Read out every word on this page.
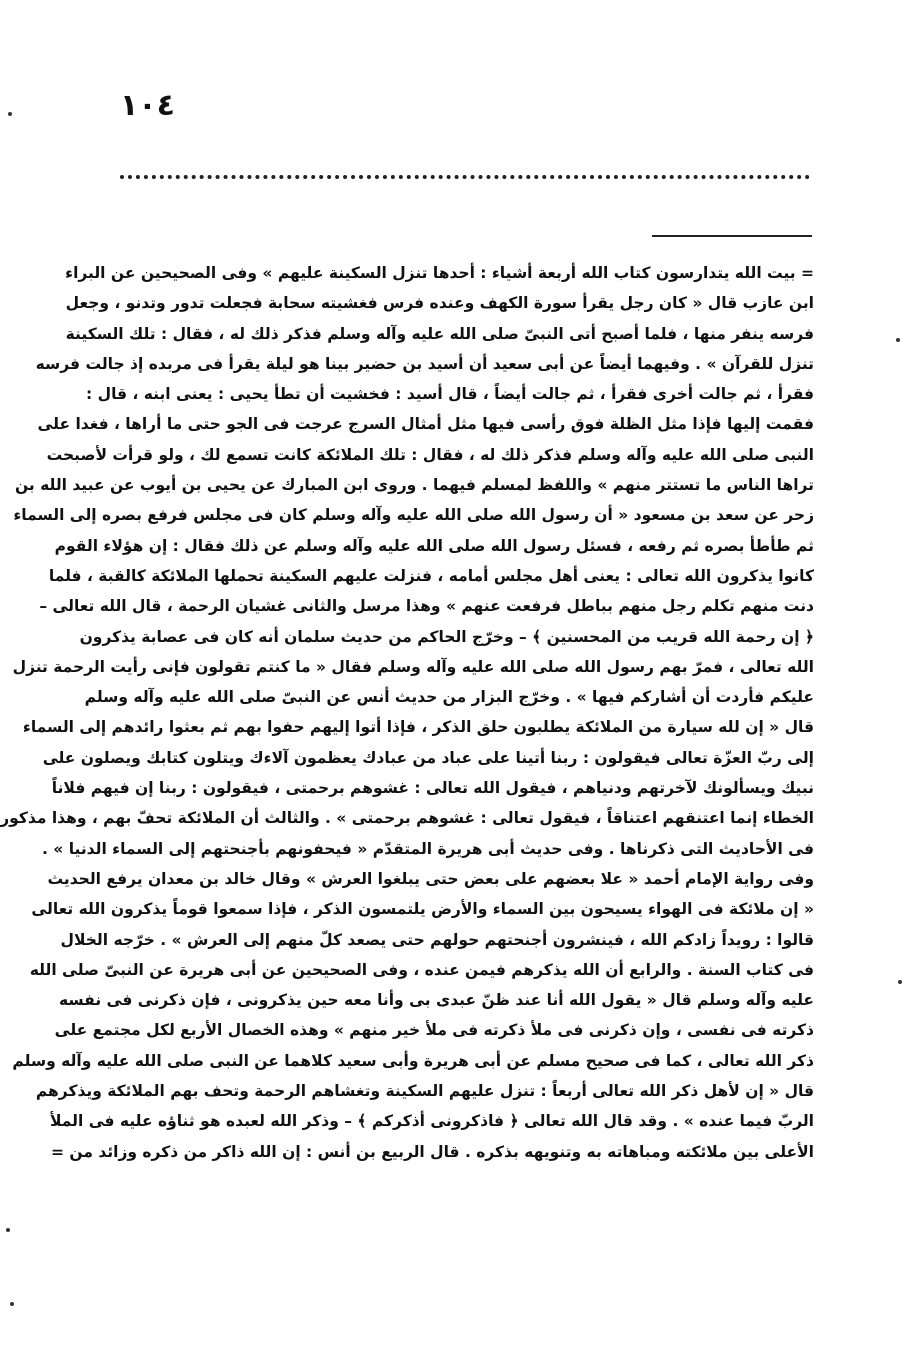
١٠٤
= بيت الله يتدارسون كتاب الله أربعة أشياء : أحدها تنزل السكينة عليهم » وفى الصحيحين عن البراء
ابن عازب قال « كان رجل يقرأ سورة الكهف وعنده فرس فغشيته سحابة فجعلت تدور وتدنو ، وجعل
فرسه ينفر منها ، فلما أصبح أتى النبىّ صلى الله عليه وآله وسلم فذكر ذلك له ، فقال : تلك السكينة
تنزل للقرآن » . وفيهما أيضاً عن أبى سعيد أن أسيد بن حضير بينا هو ليلة يقرأ فى مربده إذ جالت فرسه
فقرأ ، ثم جالت أخرى فقرأ ، ثم جالت أيضاً ، قال أسيد : فخشيت أن تطأ يحيى : يعنى ابنه ، قال :
فقمت إليها فإذا مثل الظلة فوق رأسى فيها مثل أمثال السرج عرجت فى الجو حتى ما أراها ، فغدا على
النبى صلى الله عليه وآله وسلم فذكر ذلك له ، فقال : تلك الملائكة كانت تسمع لك ، ولو قرأت لأصبحت
تراها الناس ما تستتر منهم » واللفظ لمسلم فيهما . وروى ابن المبارك عن يحيى بن أيوب عن عبيد الله بن
زحر عن سعد بن مسعود « أن رسول الله صلى الله عليه وآله وسلم كان فى مجلس فرفع بصره إلى السماء
ثم طأطأ بصره ثم رفعه ، فسئل رسول الله صلى الله عليه وآله وسلم عن ذلك فقال : إن هؤلاء القوم
كانوا يذكرون الله تعالى : يعنى أهل مجلس أمامه ، فنزلت عليهم السكينة تحملها الملائكة كالقبة ، فلما
دنت منهم تكلم رجل منهم بباطل فرفعت عنهم » وهذا مرسل والثانى غشيان الرحمة ، قال الله تعالى –
﴿ إن رحمة الله قريب من المحسنين ﴾ – وخرّج الحاكم من حديث سلمان أنه كان فى عصابة يذكرون
الله تعالى ، فمرّ بهم رسول الله صلى الله عليه وآله وسلم فقال « ما كنتم تقولون فإنى رأيت الرحمة تنزل
عليكم فأردت أن أشاركم فيها » . وخرّج البزار من حديث أنس عن النبىّ صلى الله عليه وآله وسلم
قال « إن لله سيارة من الملائكة يطلبون حلق الذكر ، فإذا أتوا إليهم حفوا بهم ثم بعثوا رائدهم إلى السماء
إلى ربّ العزّة تعالى فيقولون : ربنا أتينا على عباد من عبادك يعظمون آلاءك ويتلون كتابك ويصلون على
نبيك ويسألونك لآخرتهم ودنياهم ، فيقول الله تعالى : غشوهم برحمتى ، فيقولون : ربنا إن فيهم فلاناً
الخطاء إنما اعتنقهم اعتناقاً ، فيقول تعالى : غشوهم برحمتى » . والثالث أن الملائكة تحفّ بهم ، وهذا مذكور
فى الأحاديث التى ذكرناها . وفى حديث أبى هريرة المتقدّم « فيحفونهم بأجنحتهم إلى السماء الدنيا » .
وفى رواية الإمام أحمد « علا بعضهم على بعض حتى يبلغوا العرش » وقال خالد بن معدان يرفع الحديث
« إن ملائكة فى الهواء يسيحون بين السماء والأرض يلتمسون الذكر ، فإذا سمعوا قوماً يذكرون الله تعالى
قالوا : رويداً زادكم الله ، فينشرون أجنحتهم حولهم حتى يصعد كلّ منهم إلى العرش » . خرّجه الخلال
فى كتاب السنة . والرابع أن الله يذكرهم فيمن عنده ، وفى الصحيحين عن أبى هريرة عن النبىّ صلى الله
عليه وآله وسلم قال « يقول الله أنا عند ظنّ عبدى بى وأنا معه حين يذكرونى ، فإن ذكرنى فى نفسه
ذكرته فى نفسى ، وإن ذكرنى فى ملأ ذكرته فى ملأ خير منهم » وهذه الخصال الأربع لكل مجتمع على
ذكر الله تعالى ، كما فى صحيح مسلم عن أبى هريرة وأبى سعيد كلاهما عن النبى صلى الله عليه وآله وسلم
قال « إن لأهل ذكر الله تعالى أربعاً : تنزل عليهم السكينة وتغشاهم الرحمة وتحف بهم الملائكة ويذكرهم
الربّ فيما عنده » . وقد قال الله تعالى ﴿ فاذكرونى أذكركم ﴾ – وذكر الله لعبده هو ثناؤه عليه فى الملأ
الأعلى بين ملائكته ومباهاته به وتنويهه بذكره . قال الربيع بن أنس : إن الله ذاكر من ذكره وزائد من =
